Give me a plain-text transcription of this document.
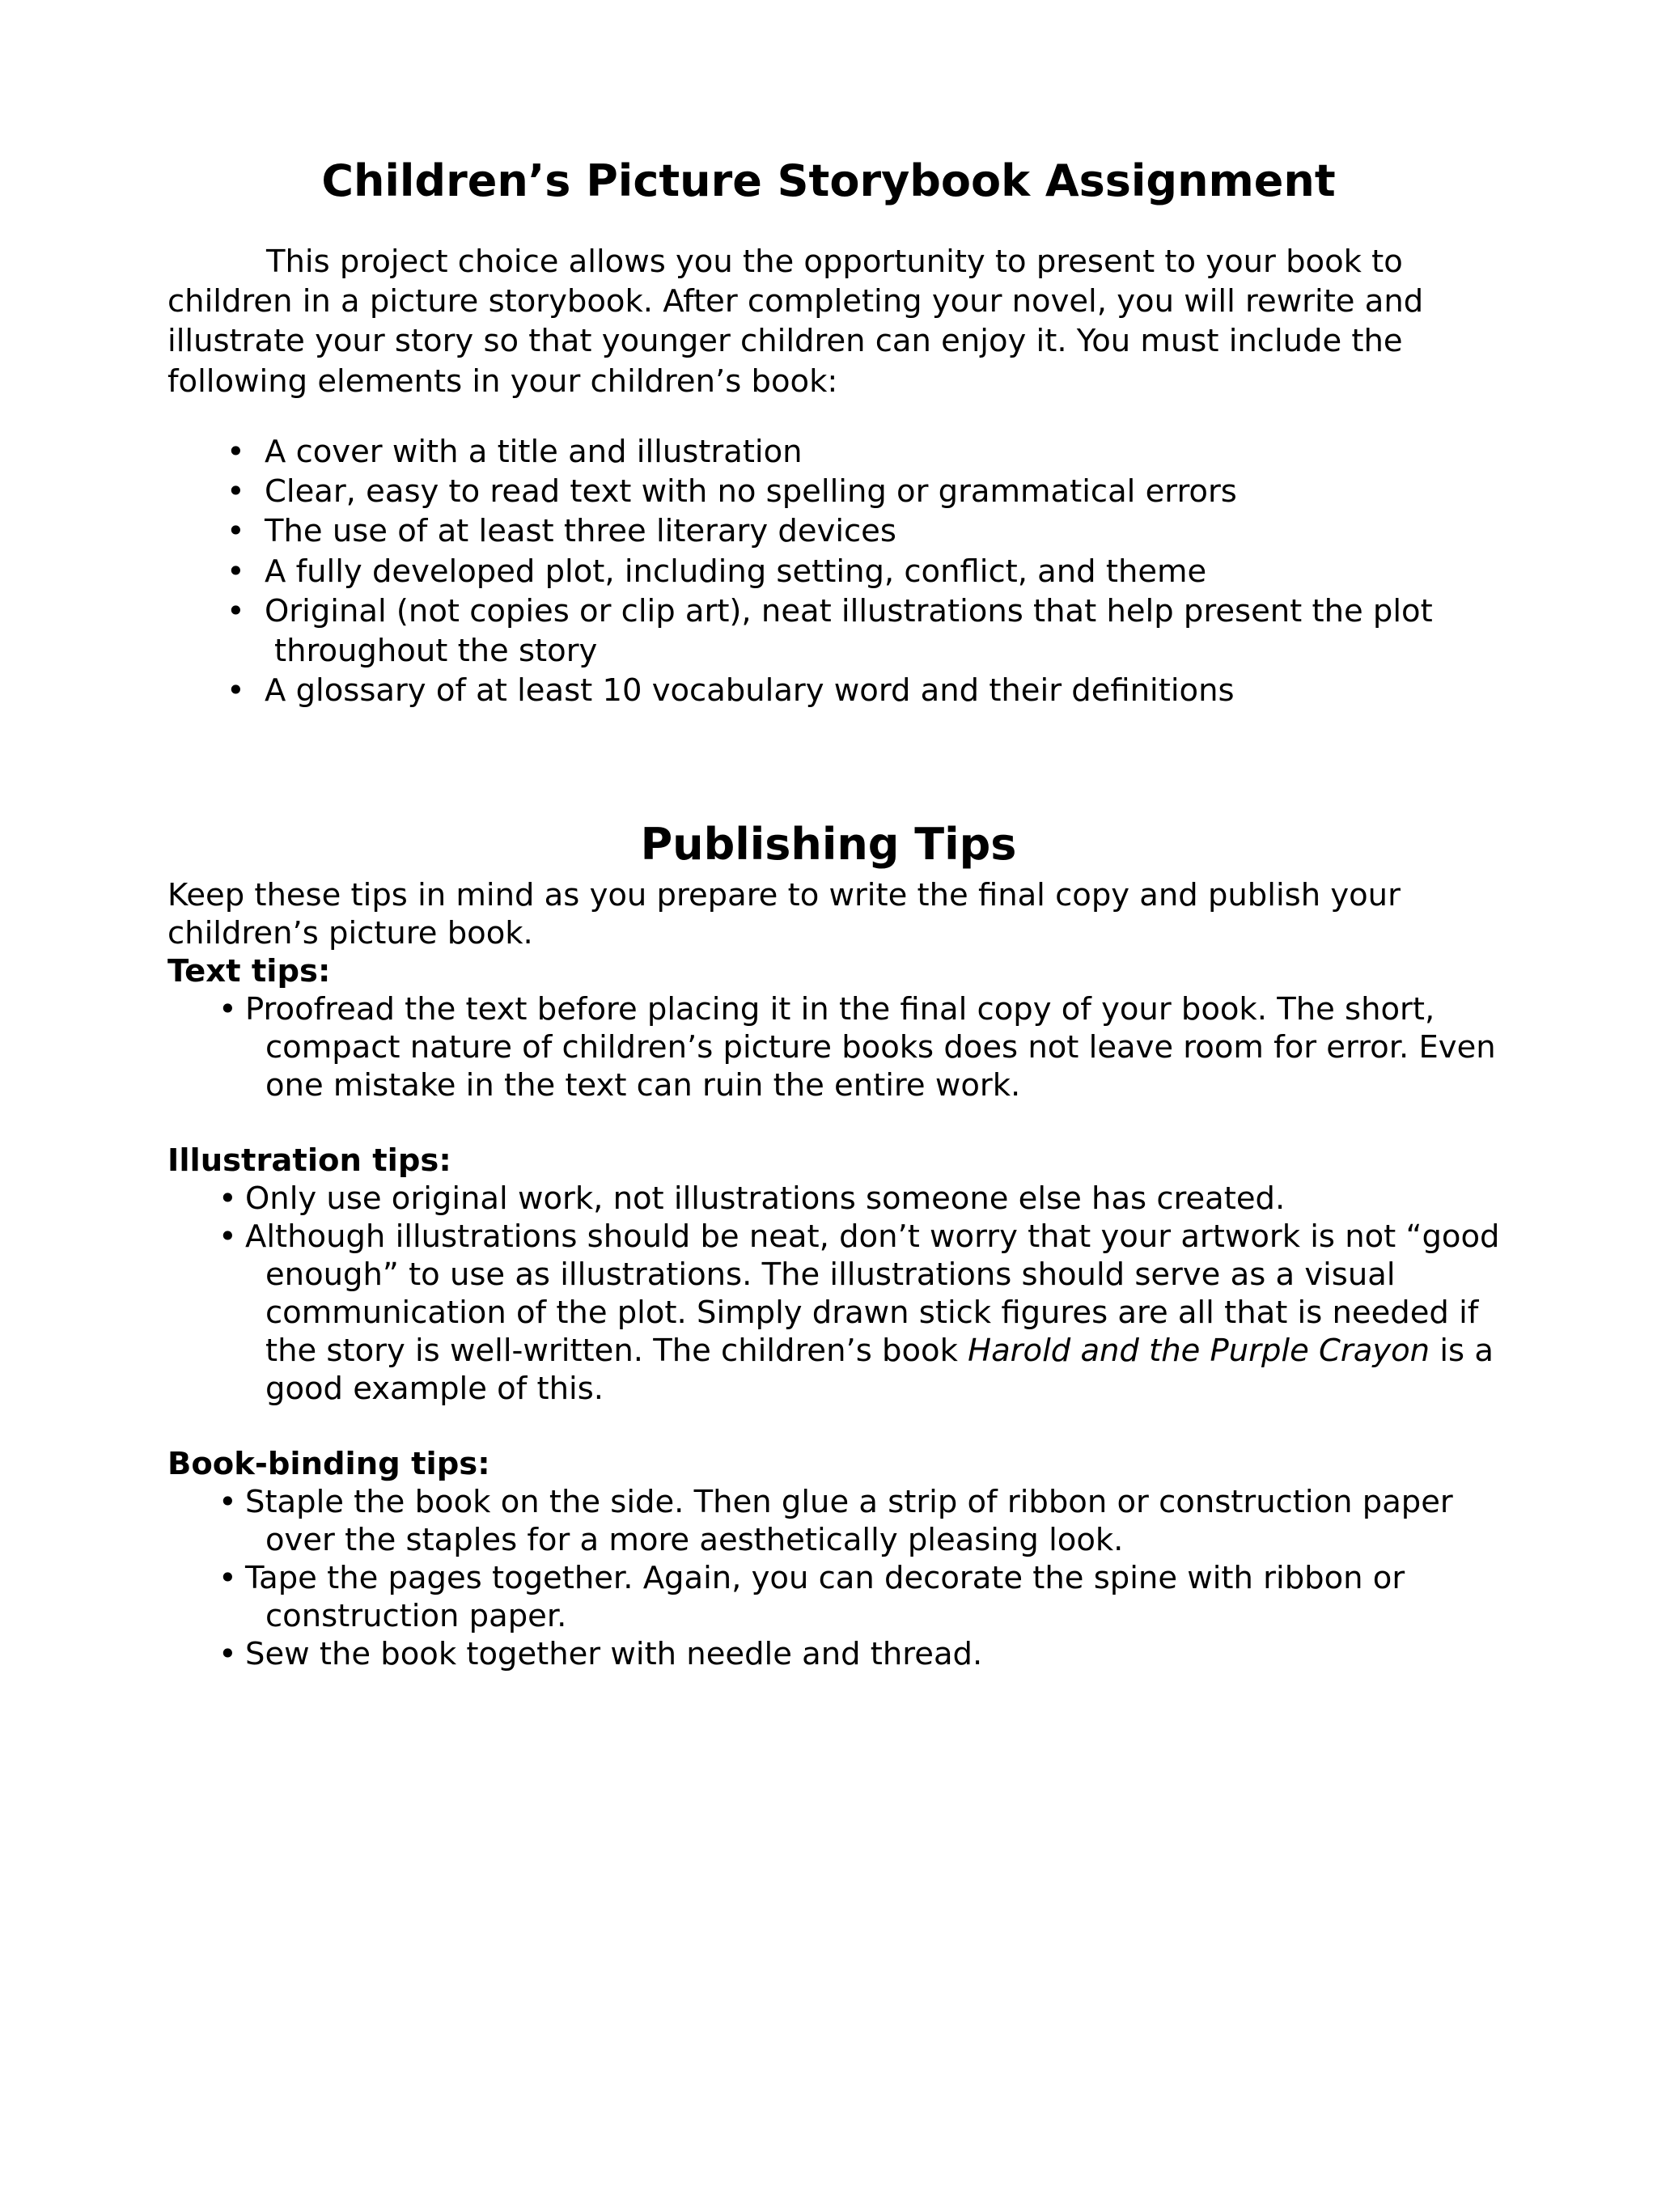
Children’s Picture Storybook Assignment

This project choice allows you the opportunity to present to your book to children in a picture storybook. After completing your novel, you will rewrite and illustrate your story so that younger children can enjoy it. You must include the following elements in your children’s book:

• A cover with a title and illustration
• Clear, easy to read text with no spelling or grammatical errors
• The use of at least three literary devices
• A fully developed plot, including setting, conflict, and theme
• Original (not copies or clip art), neat illustrations that help present the plot
throughout the story
• A glossary of at least 10 vocabulary word and their definitions
Publishing Tips

Keep these tips in mind as you prepare to write the final copy and publish your
children’s picture book.

Text tips:

• Proofread the text before placing it in the final copy of your book. The short,
compact nature of children’s picture books does not leave room for error. Even
one mistake in the text can ruin the entire work.

Illustration tips:

• Only use original work, not illustrations someone else has created.
• Although illustrations should be neat, don’t worry that your artwork is not “good
enough” to use as illustrations. The illustrations should serve as a visual
communication of the plot. Simply drawn stick figures are all that is needed if
the story is well-written. The children’s book Harold and the Purple Crayon is a
good example of this.

Book-binding tips:

• Staple the book on the side. Then glue a strip of ribbon or construction paper
over the staples for a more aesthetically pleasing look.
• Tape the pages together. Again, you can decorate the spine with ribbon or
construction paper.
• Sew the book together with needle and thread.
